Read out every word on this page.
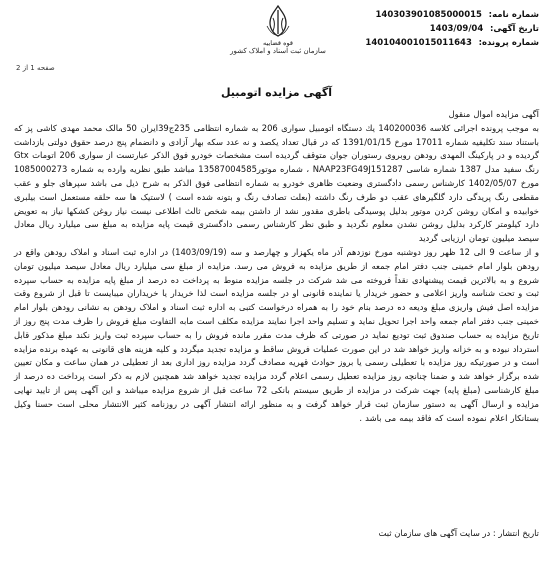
شماره نامه: 140303901085000015
تاریخ آگهی: 1403/09/04
شماره پرونده: 140104001015011643
قوه قضاییه
سازمان ثبت اسناد و املاک کشور
صفحه 1 از 2
آگهی مزایده اتومبیل

آگهی مزایده اموال منقول

به موجب پرونده اجرائی کلاسه 140200036 یك دستگاه اتومبیل سواری 206 به شماره انتظامی 235ج39ایران 50 مالک محمد مهدی کاشی پز که باستناد سند تکلیفیه شماره 17011 مورخ 1391/01/15 که در قبال تعداد یکصد و نه عدد سکه بهار آزادی و دانضمام پنج درصد حقوق دولتی بازداشت گردیده و در پارکینگ المهدی رودهن روبروی رستوران جوان متوقف گردیده است مشخصات خودرو فوق الذکر عبارتست از سواری 206 اتومات Gtx رنگ سفید مدل 1387 شماره شاسی NAAP23FG49J151287 ، شماره موتور13587004585 مباشد طبق نظریه وارده به شماره 1085000273 مورخ 1402/05/07 کارشناس رسمی دادگستری وضعیت ظاهری خودرو به شماره انتظامی فوق الذکر به شرح ذیل می باشد سپرهای جلو و عقب مقطعی رنگ پریدگی دارد گلگیرهای عقب دو طرف رنگ داشته (بعلت تصادف رنگ و بتونه شده است ) لاستیک ها سه حلقه مستعمل است بیلبری خوابیده و امکان روشن کردن موتور بدلیل پوسیدگی باطری مقدور نشد از داشتن بیمه شخص ثالث اطلاعی نیست نیاز روغن کشکها نیاز به تعویض دارد کیلومتر کارکرد بدلیل روشن نشدن معلوم نگردید و طبق نظر کارشناس رسمی دادگستری قیمت پایه مزایده به مبلغ سی میلیارد ریال معادل سیصد میلیون تومان ارزیابی گردید

و از ساعت 9 الی 12 ظهر روز دوشنبه مورخ نوزدهم آذر ماه یکهزار و چهارصد و سه (1403/09/19) در اداره ثبت اسناد و املاک رودهن واقع در رودهن بلوار امام خمینی جنب دفتر امام جمعه از طریق مزایده به فروش می رسد. مزایده از مبلغ سی میلیارد ریال معادل سیصد میلیون تومان شروع و به بالاترین قیمت پیشنهادی نقداً فروخته می شد شرکت در جلسه مزایده منوط به پرداخت ده درصد از مبلغ پایه مزایده به حساب سپرده ثبت و تحت شناسه واریز اعلامی و حضور خریدار یا نماینده قانونی او در جلسه مزایده است لذا خریدار یا خریداران میبایست تا قبل از شروع وقت مزایده اصل فیش واریزی مبلغ ودیعه ده درصد بنام خود را به همراه درخواست کتبی به اداره ثبت اسناد و املاک رودهن به نشانی رودهن بلوار امام خمینی جنب دفتر امام جمعه واحد اجرا تحویل نماید و تسلیم واحد اجرا نمایند مزایده مکلف است مابه التفاوت مبلغ فروش را ظرف مدت پنج روز از تاریخ مزایده به حساب صندوق ثبت تودیع نماید در صورتی که ظرف مدت مقرر مانده فروش را به حساب سپرده ثبت واریز نکند مبلغ مذکور قابل استرداد نبوده و به خزانه واریز خواهد شد در این صورت عملیات فروش ساقط و مزایده تجدید میگردد و کلیه هزینه های قانونی به عهده برنده مزایده است و در صورتیکه روز مزایده با تعطیلی رسمی یا بروز حوادث قهریه مصادف گردد مزایده روز اداری بعد از تعطیلی در همان ساعت و مکان تعیین شده برگزار خواهد شد و ضمنا چنانچه روز مزایده تعطیل رسمی اعلام گردد مزایده تجدید خواهد شد همچنین لازم به ذکر است پرداخت ده درصد از مبلغ کارشناسی (مبلغ پایه) جهت شرکت در مزایده از طریق سیستم بانکی 72 ساعت قبل از شروع مزایده میباشد و این آگهی پس از تایید نهایی مزایده و ارسال آگهی به دستور سازمان ثبت قرار خواهد گرفت و به منظور ارائه انتشار آگهی در روزنامه کثیر الانتشار محلی است حسنا وکیل بستانکار اعلام نموده است که فاقد بیمه می باشد .

تاریخ انتشار : در سایت آگهی های سازمان ثبت
